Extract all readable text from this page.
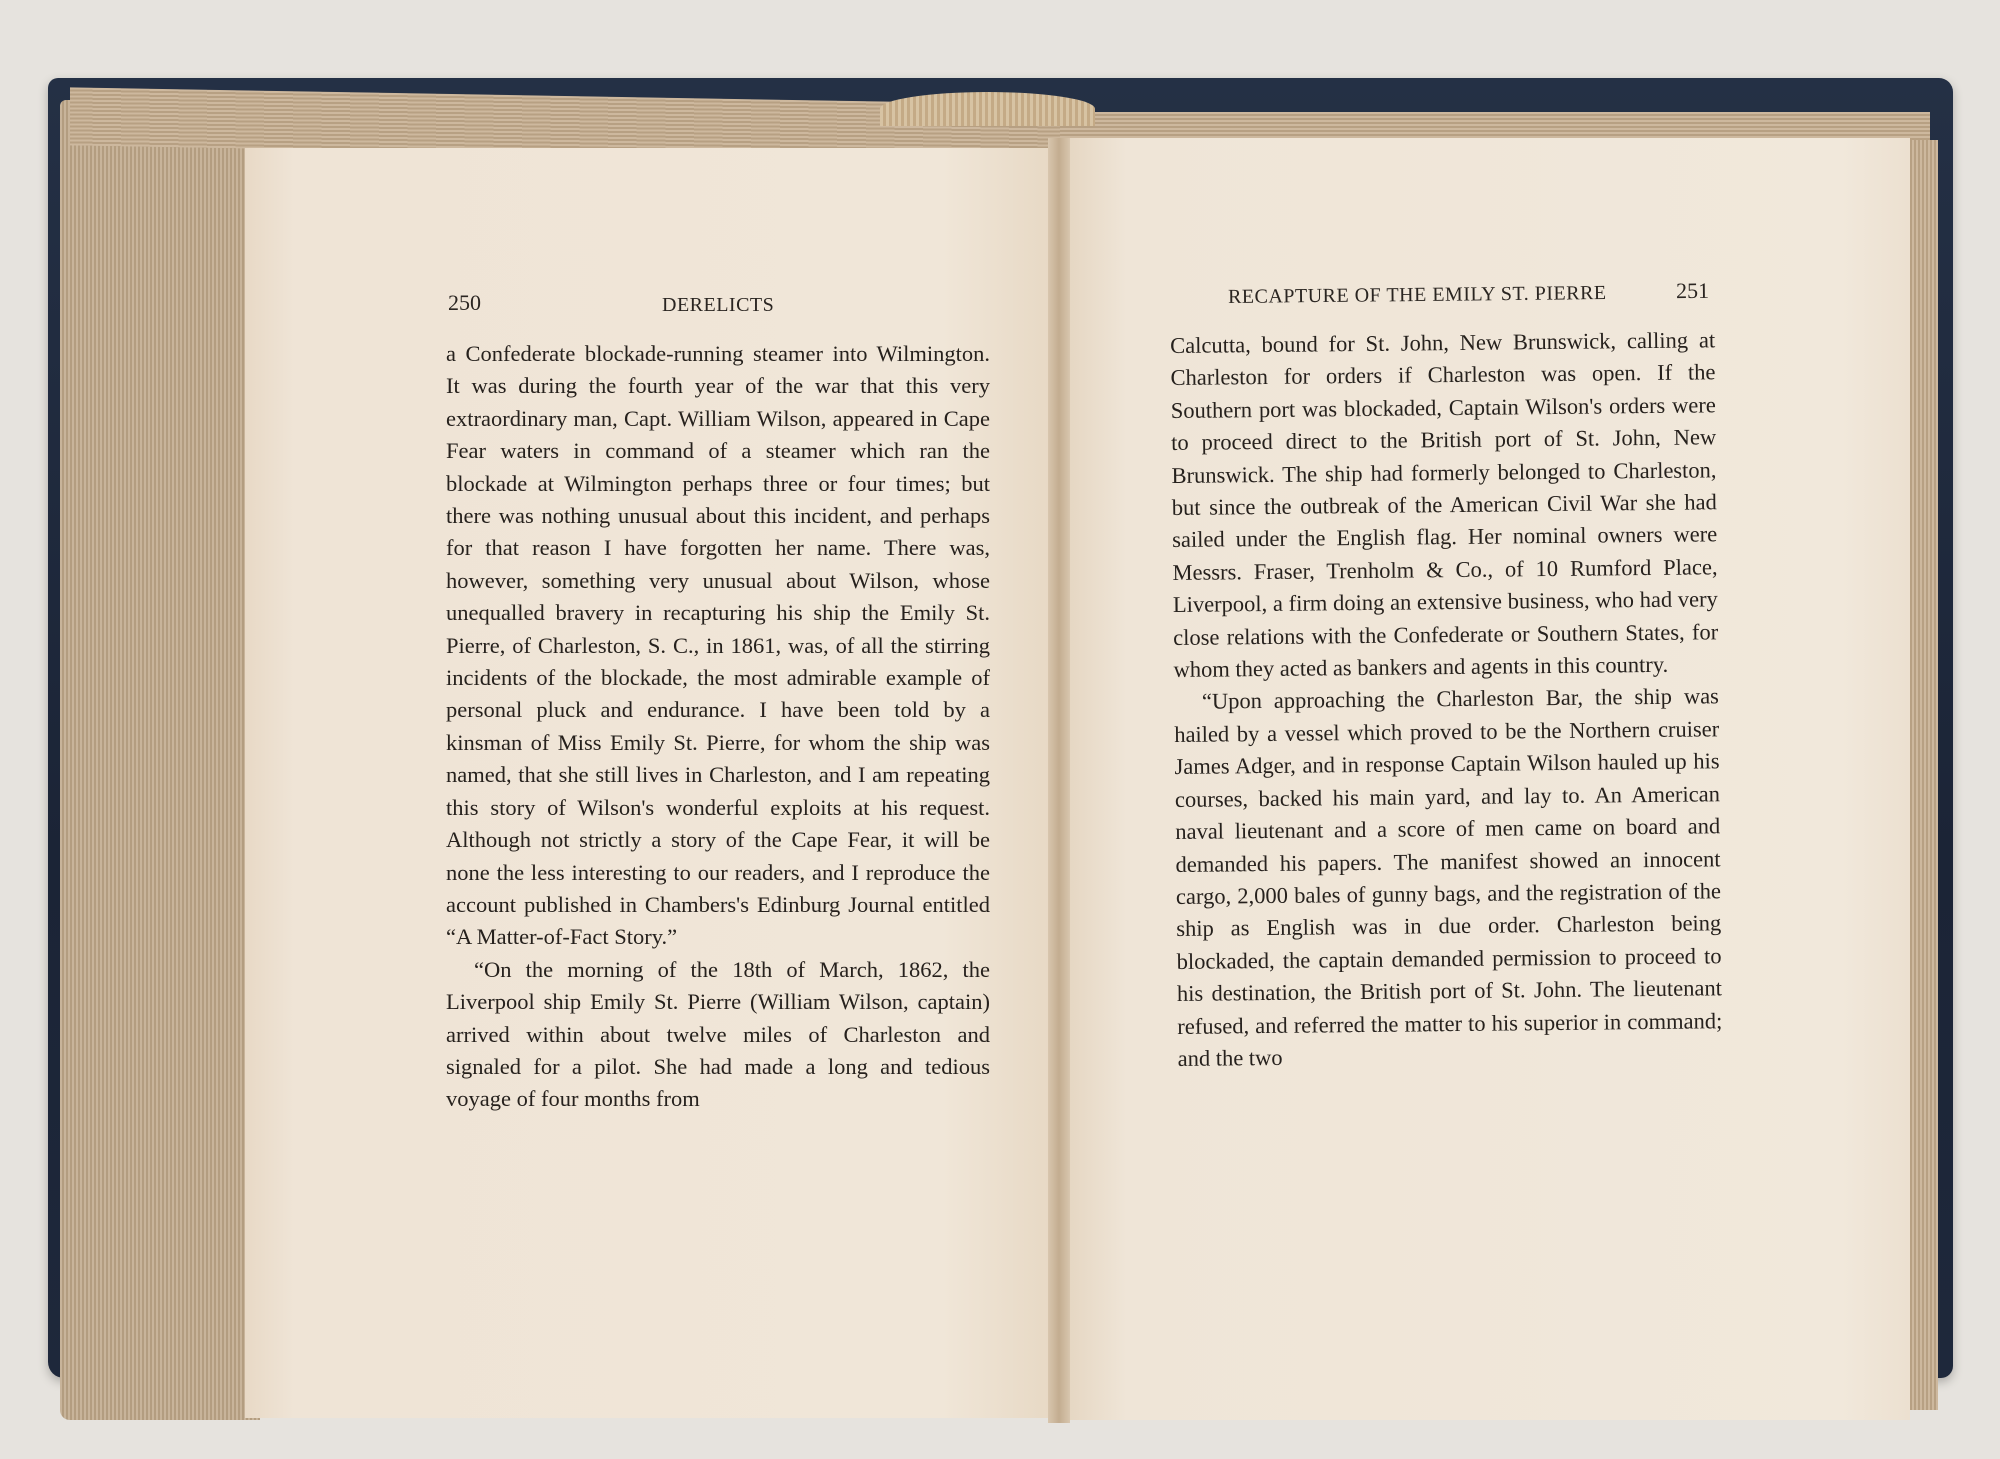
250	DERELICTS

a Confederate blockade-running steamer into Wilmington. It was during the fourth year of the war that this very extraordinary man, Capt. William Wilson, appeared in Cape Fear waters in command of a steamer which ran the blockade at Wilmington perhaps three or four times; but there was nothing unusual about this incident, and perhaps for that reason I have forgotten her name. There was, however, something very unusual about Wilson, whose unequalled bravery in recapturing his ship the Emily St. Pierre, of Charleston, S. C., in 1861, was, of all the stirring incidents of the blockade, the most admirable example of personal pluck and endurance. I have been told by a kinsman of Miss Emily St. Pierre, for whom the ship was named, that she still lives in Charleston, and I am repeating this story of Wilson's wonderful exploits at his request. Although not strictly a story of the Cape Fear, it will be none the less interesting to our readers, and I reproduce the account published in Chambers's Edinburg Journal entitled “A Matter-of-Fact Story.”

“On the morning of the 18th of March, 1862, the Liverpool ship Emily St. Pierre (William Wilson, captain) arrived within about twelve miles of Charleston and signaled for a pilot. She had made a long and tedious voyage of four months from

RECAPTURE OF THE EMILY ST. PIERRE	251

Calcutta, bound for St. John, New Brunswick, calling at Charleston for orders if Charleston was open. If the Southern port was blockaded, Captain Wilson's orders were to proceed direct to the British port of St. John, New Brunswick. The ship had formerly belonged to Charleston, but since the outbreak of the American Civil War she had sailed under the English flag. Her nominal owners were Messrs. Fraser, Trenholm & Co., of 10 Rumford Place, Liverpool, a firm doing an extensive business, who had very close relations with the Confederate or Southern States, for whom they acted as bankers and agents in this country.

“Upon approaching the Charleston Bar, the ship was hailed by a vessel which proved to be the Northern cruiser James Adger, and in response Captain Wilson hauled up his courses, backed his main yard, and lay to. An American naval lieutenant and a score of men came on board and demanded his papers. The manifest showed an innocent cargo, 2,000 bales of gunny bags, and the registration of the ship as English was in due order. Charleston being blockaded, the captain demanded permission to proceed to his destination, the British port of St. John. The lieutenant refused, and referred the matter to his superior in command; and the two
